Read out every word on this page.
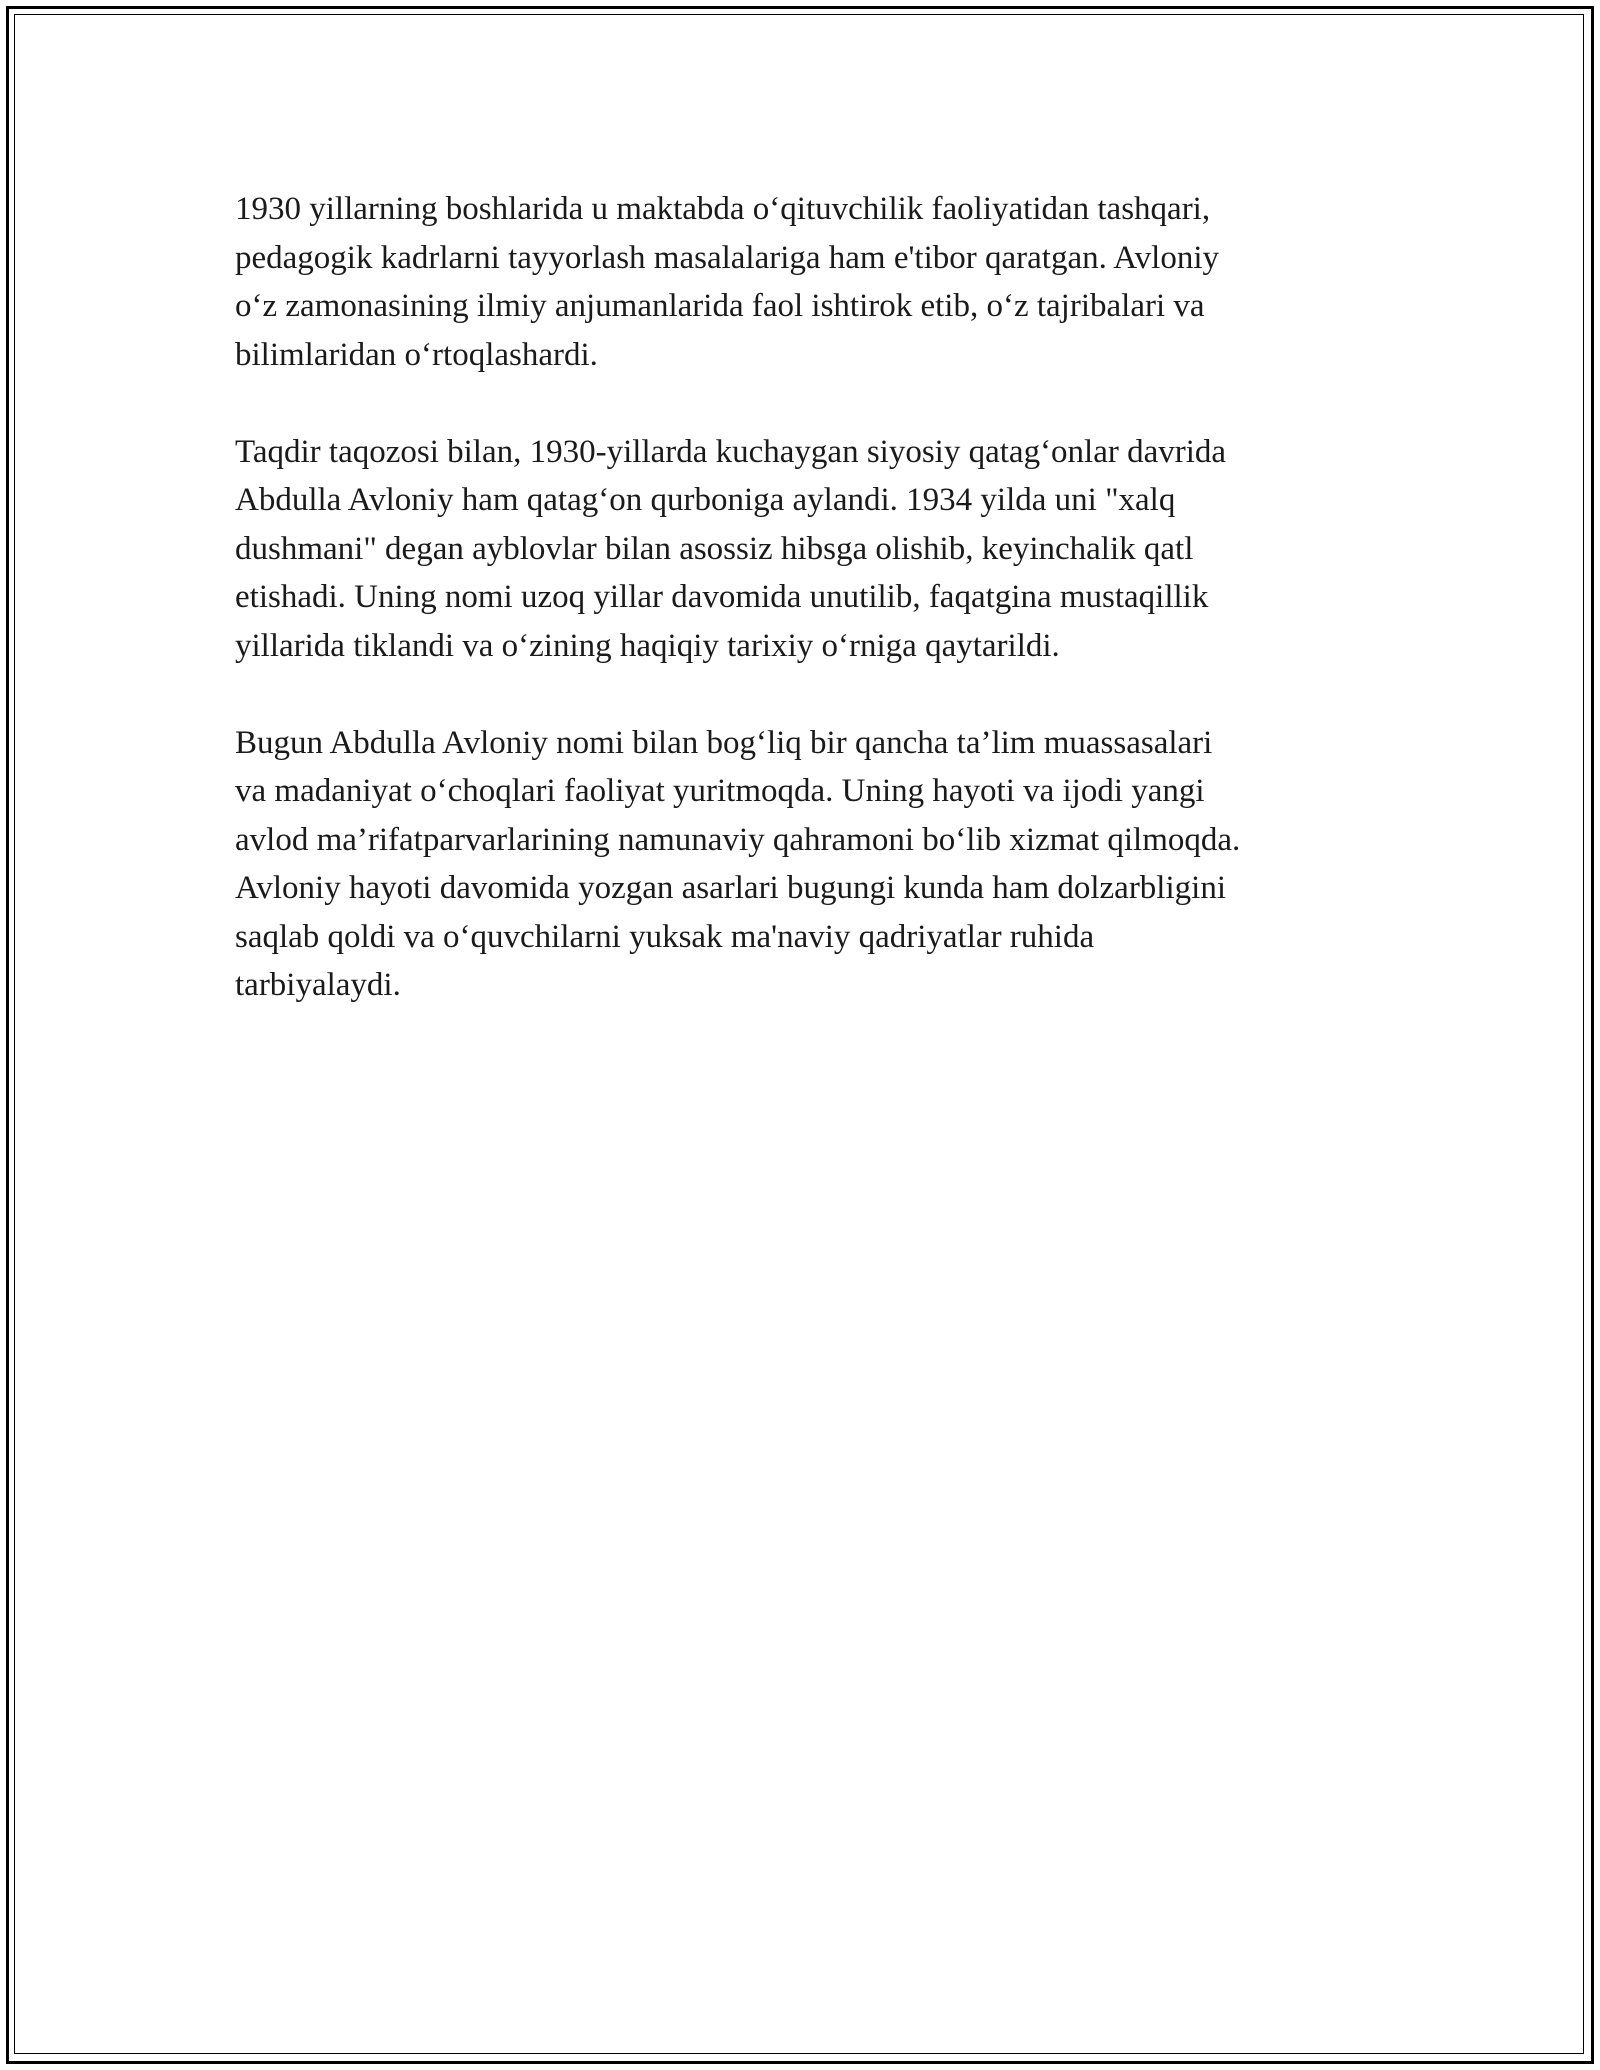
1930 yillarning boshlarida u maktabda o‘qituvchilik faoliyatidan tashqari,
pedagogik kadrlarni tayyorlash masalalariga ham e'tibor qaratgan. Avloniy
o‘z zamonasining ilmiy anjumanlarida faol ishtirok etib, o‘z tajribalari va
bilimlaridan o‘rtoqlashardi.

Taqdir taqozosi bilan, 1930-yillarda kuchaygan siyosiy qatag‘onlar davrida
Abdulla Avloniy ham qatag‘on qurboniga aylandi. 1934 yilda uni "xalq
dushmani" degan ayblovlar bilan asossiz hibsga olishib, keyinchalik qatl
etishadi. Uning nomi uzoq yillar davomida unutilib, faqatgina mustaqillik
yillarida tiklandi va o‘zining haqiqiy tarixiy o‘rniga qaytarildi.

Bugun Abdulla Avloniy nomi bilan bog‘liq bir qancha ta’lim muassasalari
va madaniyat o‘choqlari faoliyat yuritmoqda. Uning hayoti va ijodi yangi
avlod ma’rifatparvarlarining namunaviy qahramoni bo‘lib xizmat qilmoqda.
Avloniy hayoti davomida yozgan asarlari bugungi kunda ham dolzarbligini
saqlab qoldi va o‘quvchilarni yuksak ma'naviy qadriyatlar ruhida
tarbiyalaydi.
